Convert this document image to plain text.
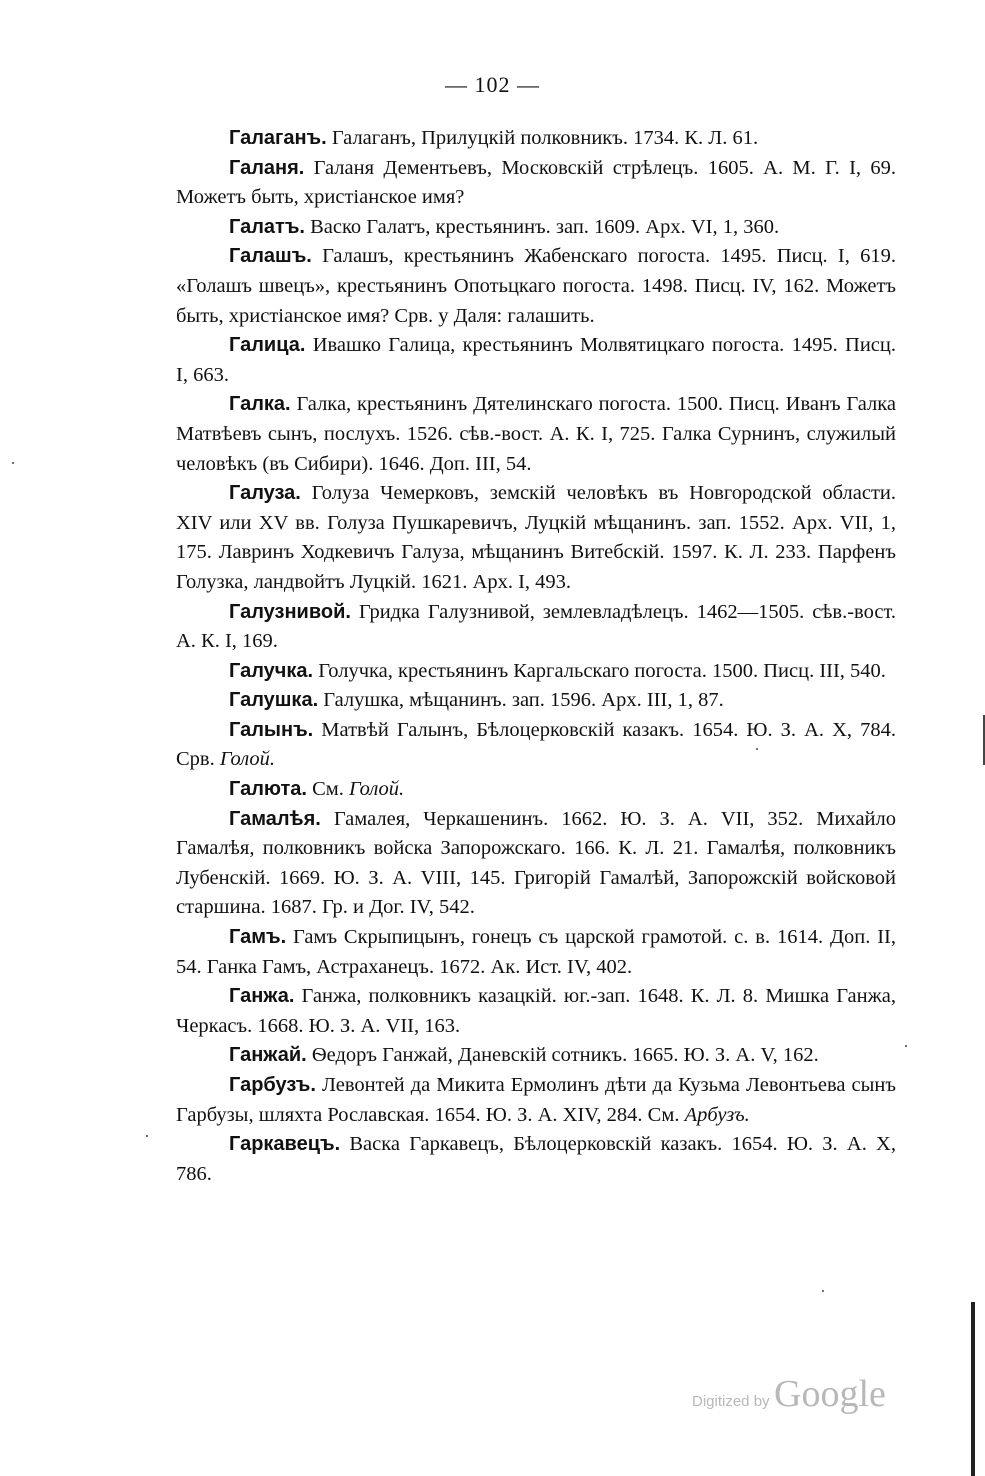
— 102 —

Галаганъ. Галаганъ, Прилуцкій полковникъ. 1734. К. Л. 61.

Галаня. Галаня Дементьевъ, Московскій стрѣлецъ. 1605. А. М. Г. I, 69. Можетъ быть, христіанское имя?

Галатъ. Васко Галатъ, крестьянинъ. зап. 1609. Арх. VI, 1, 360.

Галашъ. Галашъ, крестьянинъ Жабенскаго погоста. 1495. Писц. I, 619. «Голашъ швецъ», крестьянинъ Опотьцкаго погоста. 1498. Писц. IV, 162. Можетъ быть, христіанское имя? Срв. у Даля: галашить.

Галица. Ивашко Галица, крестьянинъ Молвятицкаго погоста. 1495. Писц. I, 663.

Галка. Галка, крестьянинъ Дятелинскаго погоста. 1500. Писц. Иванъ Галка Матвѣевъ сынъ, послухъ. 1526. сѣв.-вост. А. К. I, 725. Галка Сурнинъ, служилый человѣкъ (въ Сибири). 1646. Доп. III, 54.

Галуза. Голуза Чемерковъ, земскій человѣкъ въ Новгородской области. XIV или XV вв. Голуза Пушкаревичъ, Луцкій мѣщанинъ. зап. 1552. Арх. VII, 1, 175. Лавринъ Ходкевичъ Галуза, мѣщанинъ Витебскій. 1597. К. Л. 233. Парфенъ Голузка, ландвойтъ Луцкій. 1621. Арх. I, 493.

Галузнивой. Гридка Галузнивой, землевладѣлецъ. 1462—1505. сѣв.-вост. А. К. I, 169.

Галучка. Голучка, крестьянинъ Каргальскаго погоста. 1500. Писц. III, 540.

Галушка. Галушка, мѣщанинъ. зап. 1596. Арх. III, 1, 87.

Галынъ. Матвѣй Галынъ, Бѣлоцерковскій казакъ. 1654. Ю. З. А. X, 784. Срв. Голой.

Галюта. См. Голой.

Гамалѣя. Гамалея, Черкашенинъ. 1662. Ю. З. А. VII, 352. Михайло Гамалѣя, полковникъ войска Запорожскаго. 166. К. Л. 21. Гамалѣя, полковникъ Лубенскій. 1669. Ю. З. А. VIII, 145. Григорій Гамалѣй, Запорожскій войсковой старшина. 1687. Гр. и Дог. IV, 542.

Гамъ. Гамъ Скрыпицынъ, гонецъ съ царской грамотой. с. в. 1614. Доп. II, 54. Ганка Гамъ, Астраханецъ. 1672. Ак. Ист. IV, 402.

Ганжа. Ганжа, полковникъ казацкій. юг.-зап. 1648. К. Л. 8. Мишка Ганжа, Черкасъ. 1668. Ю. З. А. VII, 163.

Ганжай. Ѳедоръ Ганжай, Даневскій сотникъ. 1665. Ю. З. А. V, 162.

Гарбузъ. Левонтей да Микита Ермолинъ дѣти да Кузьма Левонтьева сынъ Гарбузы, шляхта Рославская. 1654. Ю. З. А. XIV, 284. См. Арбузъ.

Гаркавецъ. Васка Гаркавецъ, Бѣлоцерковскій казакъ. 1654. Ю. З. А. X, 786.

Digitized by Google
